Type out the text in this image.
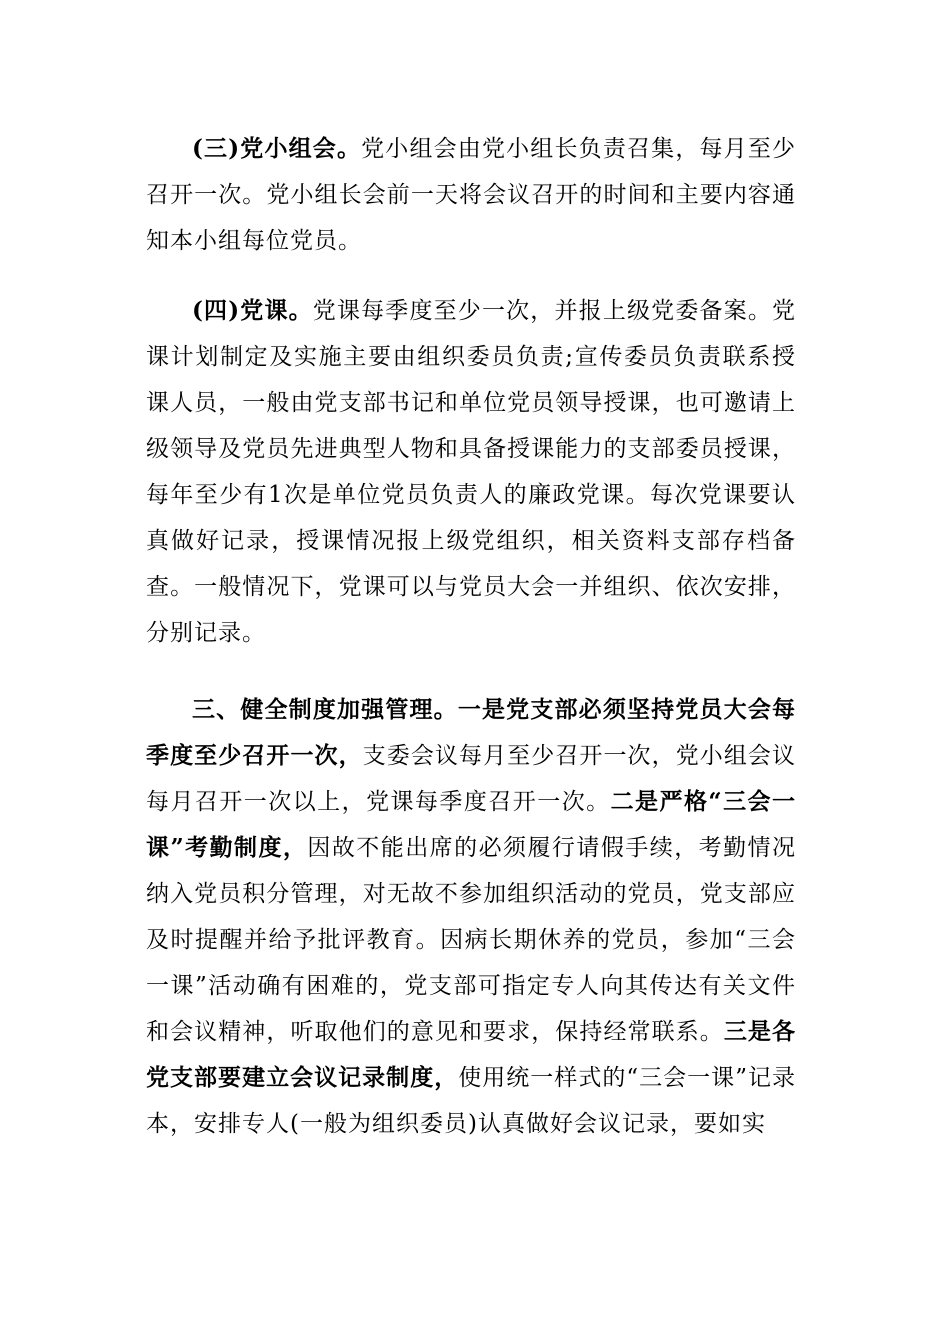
(三)党小组会。党小组会由党小组长负责召集，每月至少召开一次。党小组长会前一天将会议召开的时间和主要内容通知本小组每位党员。

(四)党课。党课每季度至少一次，并报上级党委备案。党课计划制定及实施主要由组织委员负责;宣传委员负责联系授课人员，一般由党支部书记和单位党员领导授课，也可邀请上级领导及党员先进典型人物和具备授课能力的支部委员授课，每年至少有1次是单位党员负责人的廉政党课。每次党课要认真做好记录，授课情况报上级党组织，相关资料支部存档备查。一般情况下，党课可以与党员大会一并组织、依次安排，分别记录。

三、健全制度加强管理。一是党支部必须坚持党员大会每季度至少召开一次，支委会议每月至少召开一次，党小组会议每月召开一次以上，党课每季度召开一次。二是严格“三会一课”考勤制度，因故不能出席的必须履行请假手续，考勤情况纳入党员积分管理，对无故不参加组织活动的党员，党支部应及时提醒并给予批评教育。因病长期休养的党员，参加“三会一课”活动确有困难的，党支部可指定专人向其传达有关文件和会议精神，听取他们的意见和要求，保持经常联系。三是各党支部要建立会议记录制度，使用统一样式的“三会一课”记录本，安排专人(一般为组织委员)认真做好会议记录，要如实
